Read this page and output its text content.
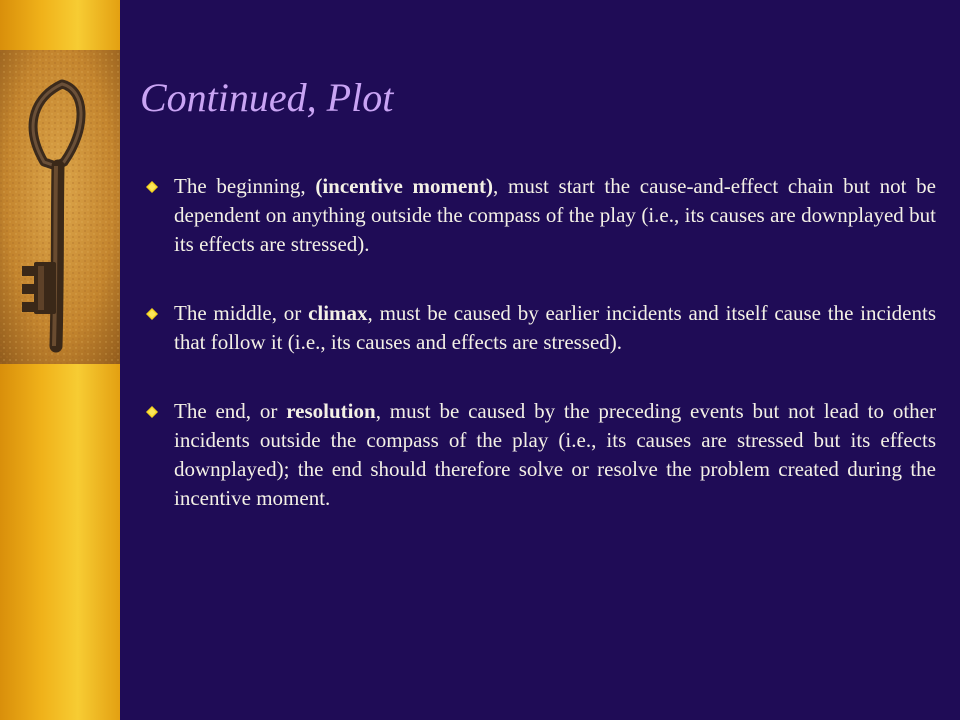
Continued, Plot
The beginning, (incentive moment), must start the cause-and-effect chain but not be dependent on anything outside the compass of the play (i.e., its causes are downplayed but its effects are stressed).
The middle, or climax, must be caused by earlier incidents and itself cause the incidents that follow it (i.e., its causes and effects are stressed).
The end, or resolution, must be caused by the preceding events but not lead to other incidents outside the compass of the play (i.e., its causes are stressed but its effects downplayed); the end should therefore solve or resolve the problem created during the incentive moment.
